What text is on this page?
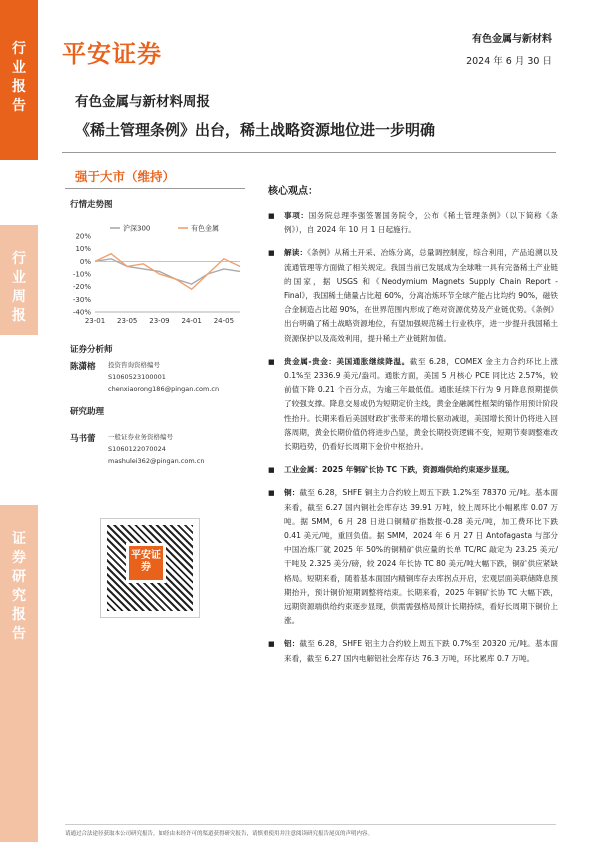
行
业
报
告
行
业
周
报
证
券
研
究
报
告
平安证券
有色金属与新材料
2024 年 6 月 30 日
有色金属与新材料周报
《稀土管理条例》出台，稀土战略资源地位进一步明确
强于大市（维持）
行情走势图
20%
10%
0%
-10%
-20%
-30%
-40%
23-01 23-05 23-09 24-01 24-05
沪深300	有色金属
证券分析师
陈潇榕 投资咨询资格编号
S1060523100001
chenxiaorong186@pingan.com.cn
研究助理
马书蕾 一般证券业务资格编号
S1060122070024
mashulei362@pingan.com.cn
平安证券
核心观点：
■ 事项：国务院总理李强签署国务院令，公布《稀土管理条例》（以下简称《条例》），自 2024 年 10 月 1 日起施行。
■ 解读：《条例》从稀土开采、冶炼分离，总量调控制度，综合利用，产品追溯以及流通管理等方面做了相关规定。我国当前已发展成为全球唯一具有完备稀土产业链的国家，据 USGS 和《Neodymium Magnets Supply Chain Report - Final》，我国稀土储量占比超 60%，分离冶炼环节全球产能占比均约 90%，磁铁合金制造占比超 90%，在世界范围内形成了绝对资源优势及产业链优势。《条例》出台明确了稀土战略资源地位，有望加强规范稀土行业秩序，进一步提升我国稀土资源保护以及高效利用，提升稀土产业链附加值。
■ 贵金属-贵金：美国通胀继续降温。截至 6.28，COMEX 金主力合约环比上涨 0.1%至 2336.9 美元/盎司。通胀方面，美国 5 月核心 PCE 同比达 2.57%，较前值下降 0.21 个百分点，为逾三年最低值。通胀延续下行为 9 月降息预期提供了较强支撑。降息交易或仍为短期定价主线，黄金金融属性框架的锚作用预计阶段性抬升。长期来看后美国财政扩张带来的增长驱动减退，美国增长预计仍将进入回落周期，黄金长期价值仍将进步凸显，黄金长期投资逻辑不变，短期节奏调整难改长期趋势，仍看好长周期下金价中枢抬升。
■ 工业金属：2025 年铜矿长协 TC 下跌，资源端供给约束逐步显现。
■ 铜：截至 6.28，SHFE 铜主力合约较上周五下跌 1.2%至 78370 元/吨。基本面来看，截至 6.27 国内铜社会库存达 39.91 万吨，较上周环比小幅累库 0.07 万吨。据 SMM，6 月 28 日进口铜精矿指数报-0.28 美元/吨，加工费环比下跌 0.41 美元/吨，重回负值。据 SMM，2024 年 6 月 27 日 Antofagasta 与部分中国冶炼厂就 2025 年 50%的铜精矿供应量的长单 TC/RC 敲定为 23.25 美元/干吨及 2.325 美分/磅，较 2024 年长协 TC 80 美元/吨大幅下跌，铜矿供应紧缺格局。短期来看，随着基本面国内精铜库存去库拐点开启，宏观层面美联储降息预期抬升，预计铜价短期调整将结束。长期来看，2025 年铜矿长协 TC 大幅下跌，远期资源端供给约束逐步显现，供需需强格局预计长期持续，看好长周期下铜价上涨。
■ 铝：截至 6.28，SHFE 铝主力合约较上周五下跌 0.7%至 20320 元/吨。基本面来看，截至 6.27 国内电解铝社会库存达 76.3 万吨，环比累库 0.7 万吨。
请通过合法途径获取本公司研究报告，如经由未经许可的渠道获得研究报告，请慎重使用并注意阅读研究报告尾页的声明内容。
